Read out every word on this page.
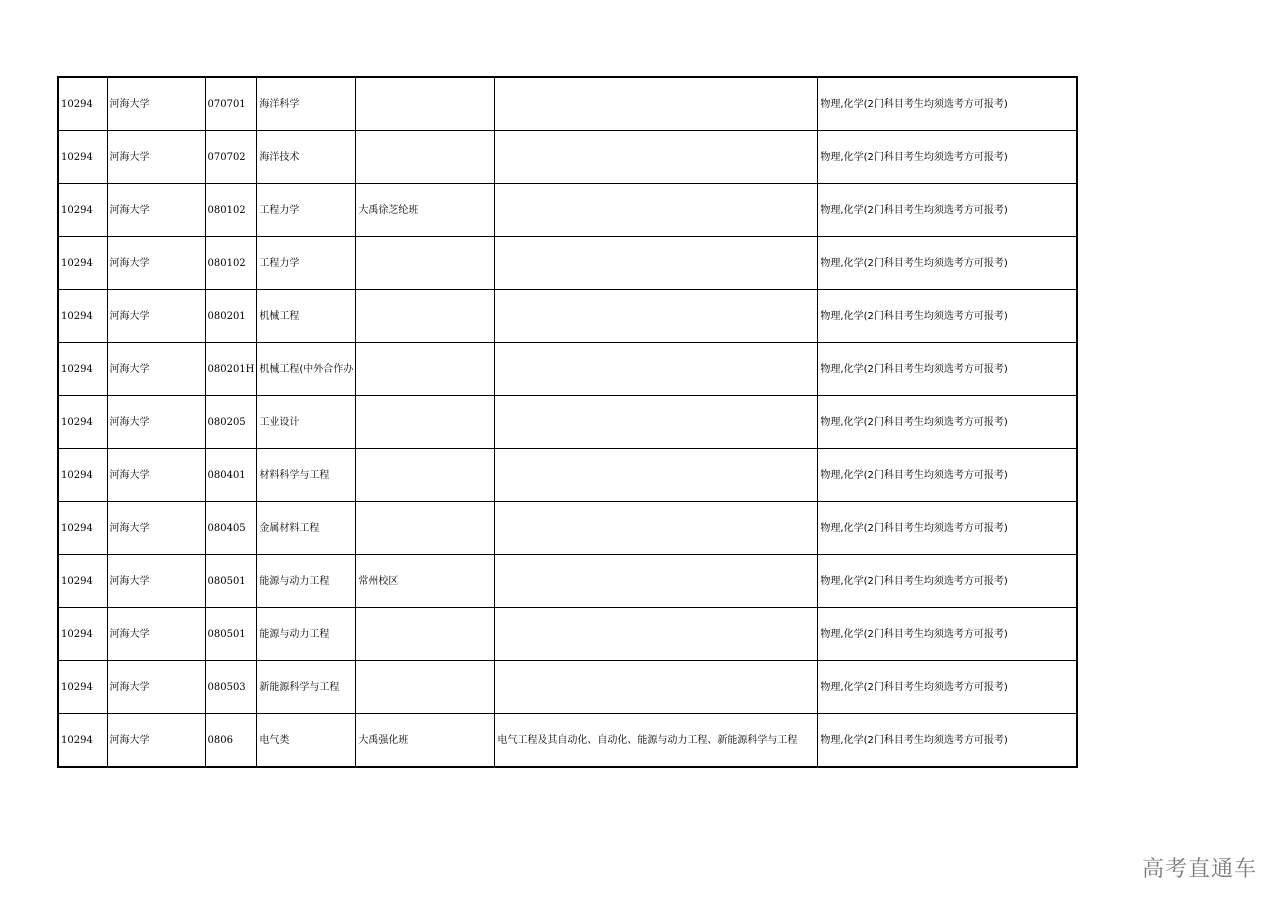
10294	河海大学	070701	海洋科学			物理,化学(2门科目考生均须选考方可报考)
10294	河海大学	070702	海洋技术			物理,化学(2门科目考生均须选考方可报考)
10294	河海大学	080102	工程力学	大禹徐芝纶班		物理,化学(2门科目考生均须选考方可报考)
10294	河海大学	080102	工程力学			物理,化学(2门科目考生均须选考方可报考)
10294	河海大学	080201	机械工程			物理,化学(2门科目考生均须选考方可报考)
10294	河海大学	080201H	机械工程(中外合作办			物理,化学(2门科目考生均须选考方可报考)
10294	河海大学	080205	工业设计			物理,化学(2门科目考生均须选考方可报考)
10294	河海大学	080401	材料科学与工程			物理,化学(2门科目考生均须选考方可报考)
10294	河海大学	080405	金属材料工程			物理,化学(2门科目考生均须选考方可报考)
10294	河海大学	080501	能源与动力工程	常州校区		物理,化学(2门科目考生均须选考方可报考)
10294	河海大学	080501	能源与动力工程			物理,化学(2门科目考生均须选考方可报考)
10294	河海大学	080503	新能源科学与工程			物理,化学(2门科目考生均须选考方可报考)
10294	河海大学	0806	电气类	大禹强化班	电气工程及其自动化、自动化、能源与动力工程、新能源科学与工程	物理,化学(2门科目考生均须选考方可报考)
高考直通车
